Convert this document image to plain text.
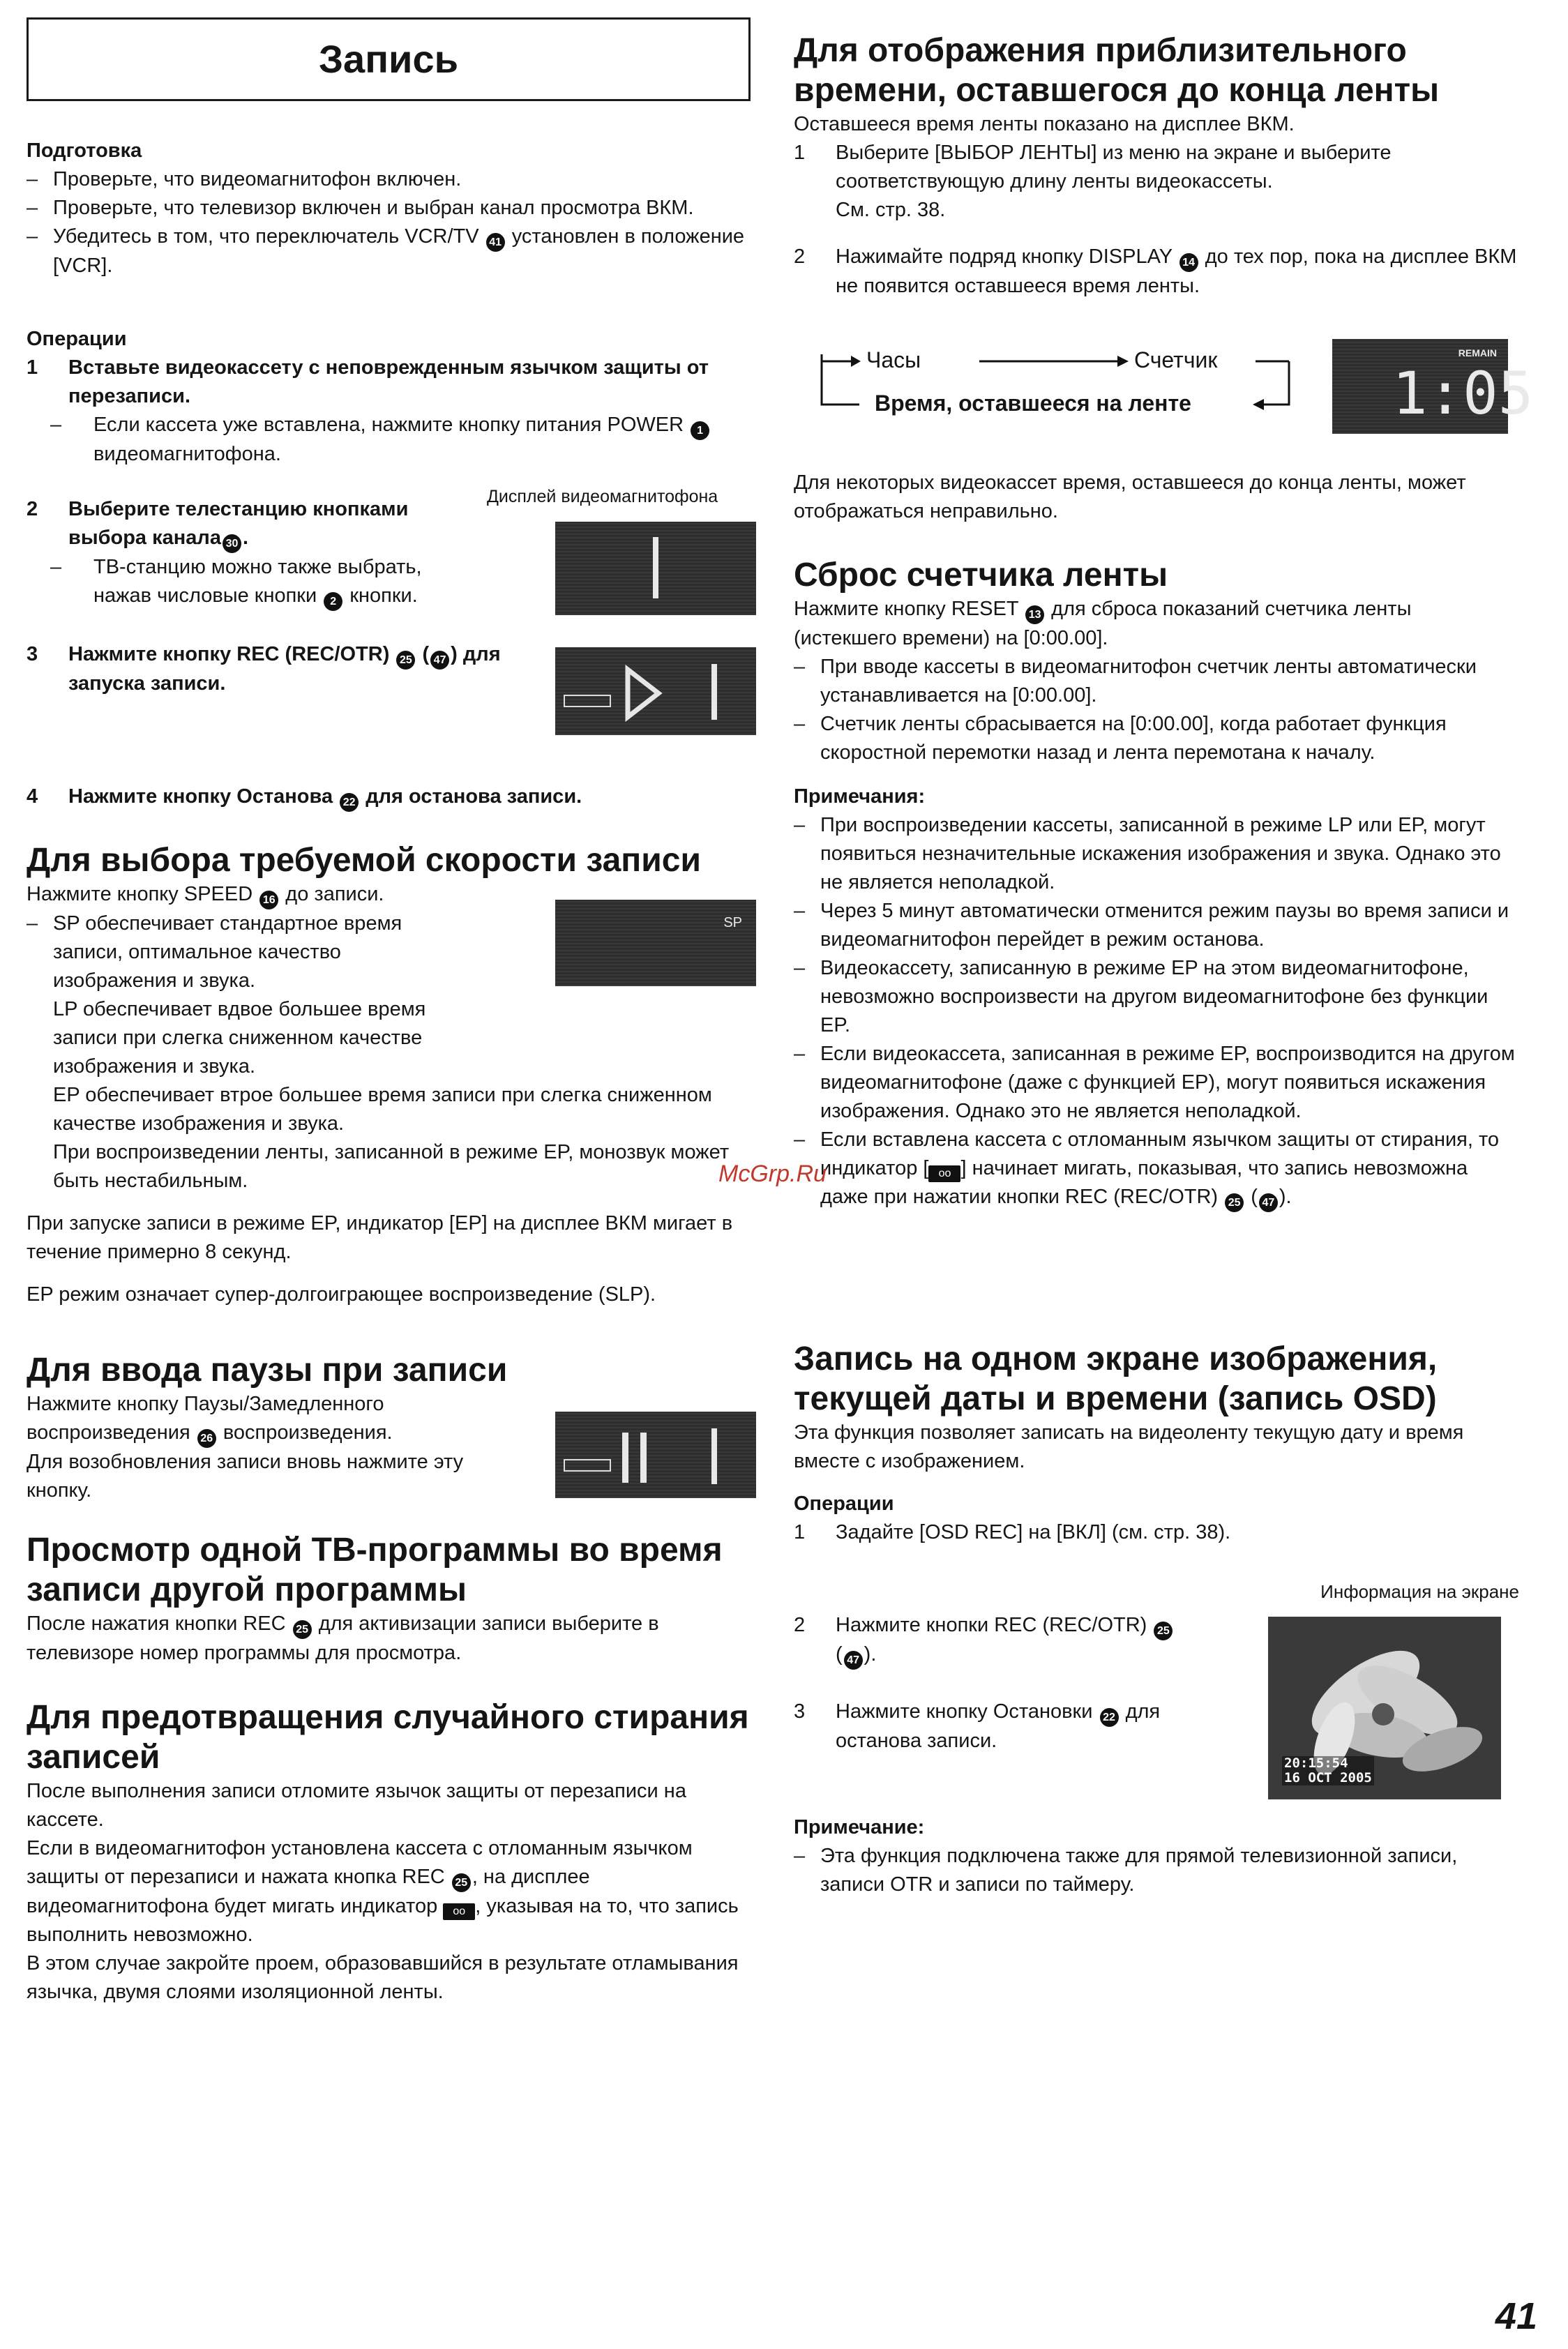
Запись

Подготовка

– Проверьте, что видеомагнитофон включен.

– Проверьте, что телевизор включен и выбран канал просмотра ВКМ.

– Убедитесь в том, что переключатель VCR/TV 41 установлен в положение [VCR].

Операции

1 Вставьте видеокассету с неповрежденным язычком защиты от перезаписи.

– Если кассета уже вставлена, нажмите кнопку питания POWER 1 видеомагнитофона.

Дисплей видеомагнитофона

2 Выберите телестанцию кнопками выбора канала 30 .

– ТВ-станцию можно также выбрать, нажав числовые кнопки 2 кнопки.

3 Нажмите кнопку REC (REC/OTR) 25 ( 47 ) для запуска записи.

4 Нажмите кнопку Останова 22 для останова записи.

Для выбора требуемой скорости записи

Нажмите кнопку SPEED 16 до записи.

– SP обеспечивает стандартное время записи, оптимальное качество изображения и звука.
LP обеспечивает вдвое большее время записи при слегка сниженном качестве изображения и звука.
EP обеспечивает втрое большее время записи при слегка сниженном качестве изображения и звука.
При воспроизведении ленты, записанной в режиме EP, монозвук может быть нестабильным.

При запуске записи в режиме EP, индикатор [EP] на дисплее ВКМ мигает в течение примерно 8 секунд.

EP режим означает супер-долгоиграющее воспроизведение (SLP).

SP

Для ввода паузы при записи

Нажмите кнопку Паузы/Замедленного воспроизведения 26 воспроизведения.

Для возобновления записи вновь нажмите эту кнопку.

Просмотр одной ТВ-программы во время записи другой программы

После нажатия кнопки REC 25 для активизации записи выберите в телевизоре номер программы для просмотра.

Для предотвращения случайного стирания записей

После выполнения записи отломите язычок защиты от перезаписи на кассете.

Если в видеомагнитофон установлена кассета с отломанным язычком защиты от перезаписи и нажата кнопка REC 25 , на дисплее видеомагнитофона будет мигать индикатор oo , указывая на то, что запись выполнить невозможно.

В этом случае закройте проем, образовавшийся в результате отламывания язычка, двумя слоями изоляционной ленты.

Для отображения приблизительного времени, оставшегося до конца ленты

Оставшееся время ленты показано на дисплее ВКМ.

1 Выберите [ВЫБОР ЛЕНТЫ] из меню на экране и выберите соответствующую длину ленты видеокассеты.
См. стр. 38.

2 Нажимайте подряд кнопку DISPLAY 14 до тех пор, пока на дисплее ВКМ не появится оставшееся время ленты.

Часы	Счетчик
Время, оставшееся на ленте
REMAIN
1:05

Для некоторых видеокассет время, оставшееся до конца ленты, может отображаться неправильно.

Сброс счетчика ленты

Нажмите кнопку RESET 13 для сброса показаний счетчика ленты (истекшего времени) на [0:00.00].

– При вводе кассеты в видеомагнитофон счетчик ленты автоматически устанавливается на [0:00.00].

– Счетчик ленты сбрасывается на [0:00.00], когда работает функция скоростной перемотки назад и лента перемотана к началу.

Примечания:

– При воспроизведении кассеты, записанной в режиме LP или EP, могут появиться незначительные искажения изображения и звука. Однако это не является неполадкой.

– Через 5 минут автоматически отменится режим паузы во время записи и видеомагнитофон перейдет в режим останова.

– Видеокассету, записанную в режиме EP на этом видеомагнитофоне, невозможно воспроизвести на другом видеомагнитофоне без функции EP.

– Если видеокассета, записанная в режиме EP, воспроизводится на другом видеомагнитофоне (даже с функцией EP), могут появиться искажения изображения. Однако это не является неполадкой.

– Если вставлена кассета с отломанным язычком защиты от стирания, то индикатор [ oo ] начинает мигать, показывая, что запись невозможна даже при нажатии кнопки REC (REC/OTR) 25 ( 47 ).

Запись на одном экране изображения, текущей даты и времени (запись OSD)

Эта функция позволяет записать на видеоленту текущую дату и время вместе с изображением.

Операции

1 Задайте [OSD REC] на [ВКЛ] (см. стр. 38).

Информация на экране

2 Нажмите кнопки REC (REC/OTR) 25
( 47 ).

3 Нажмите кнопку Остановки 22 для останова записи.

20:15:54
16 OCT 2005

Примечание:

– Эта функция подключена также для прямой телевизионной записи, записи OTR и записи по таймеру.

McGrp.Ru
41
